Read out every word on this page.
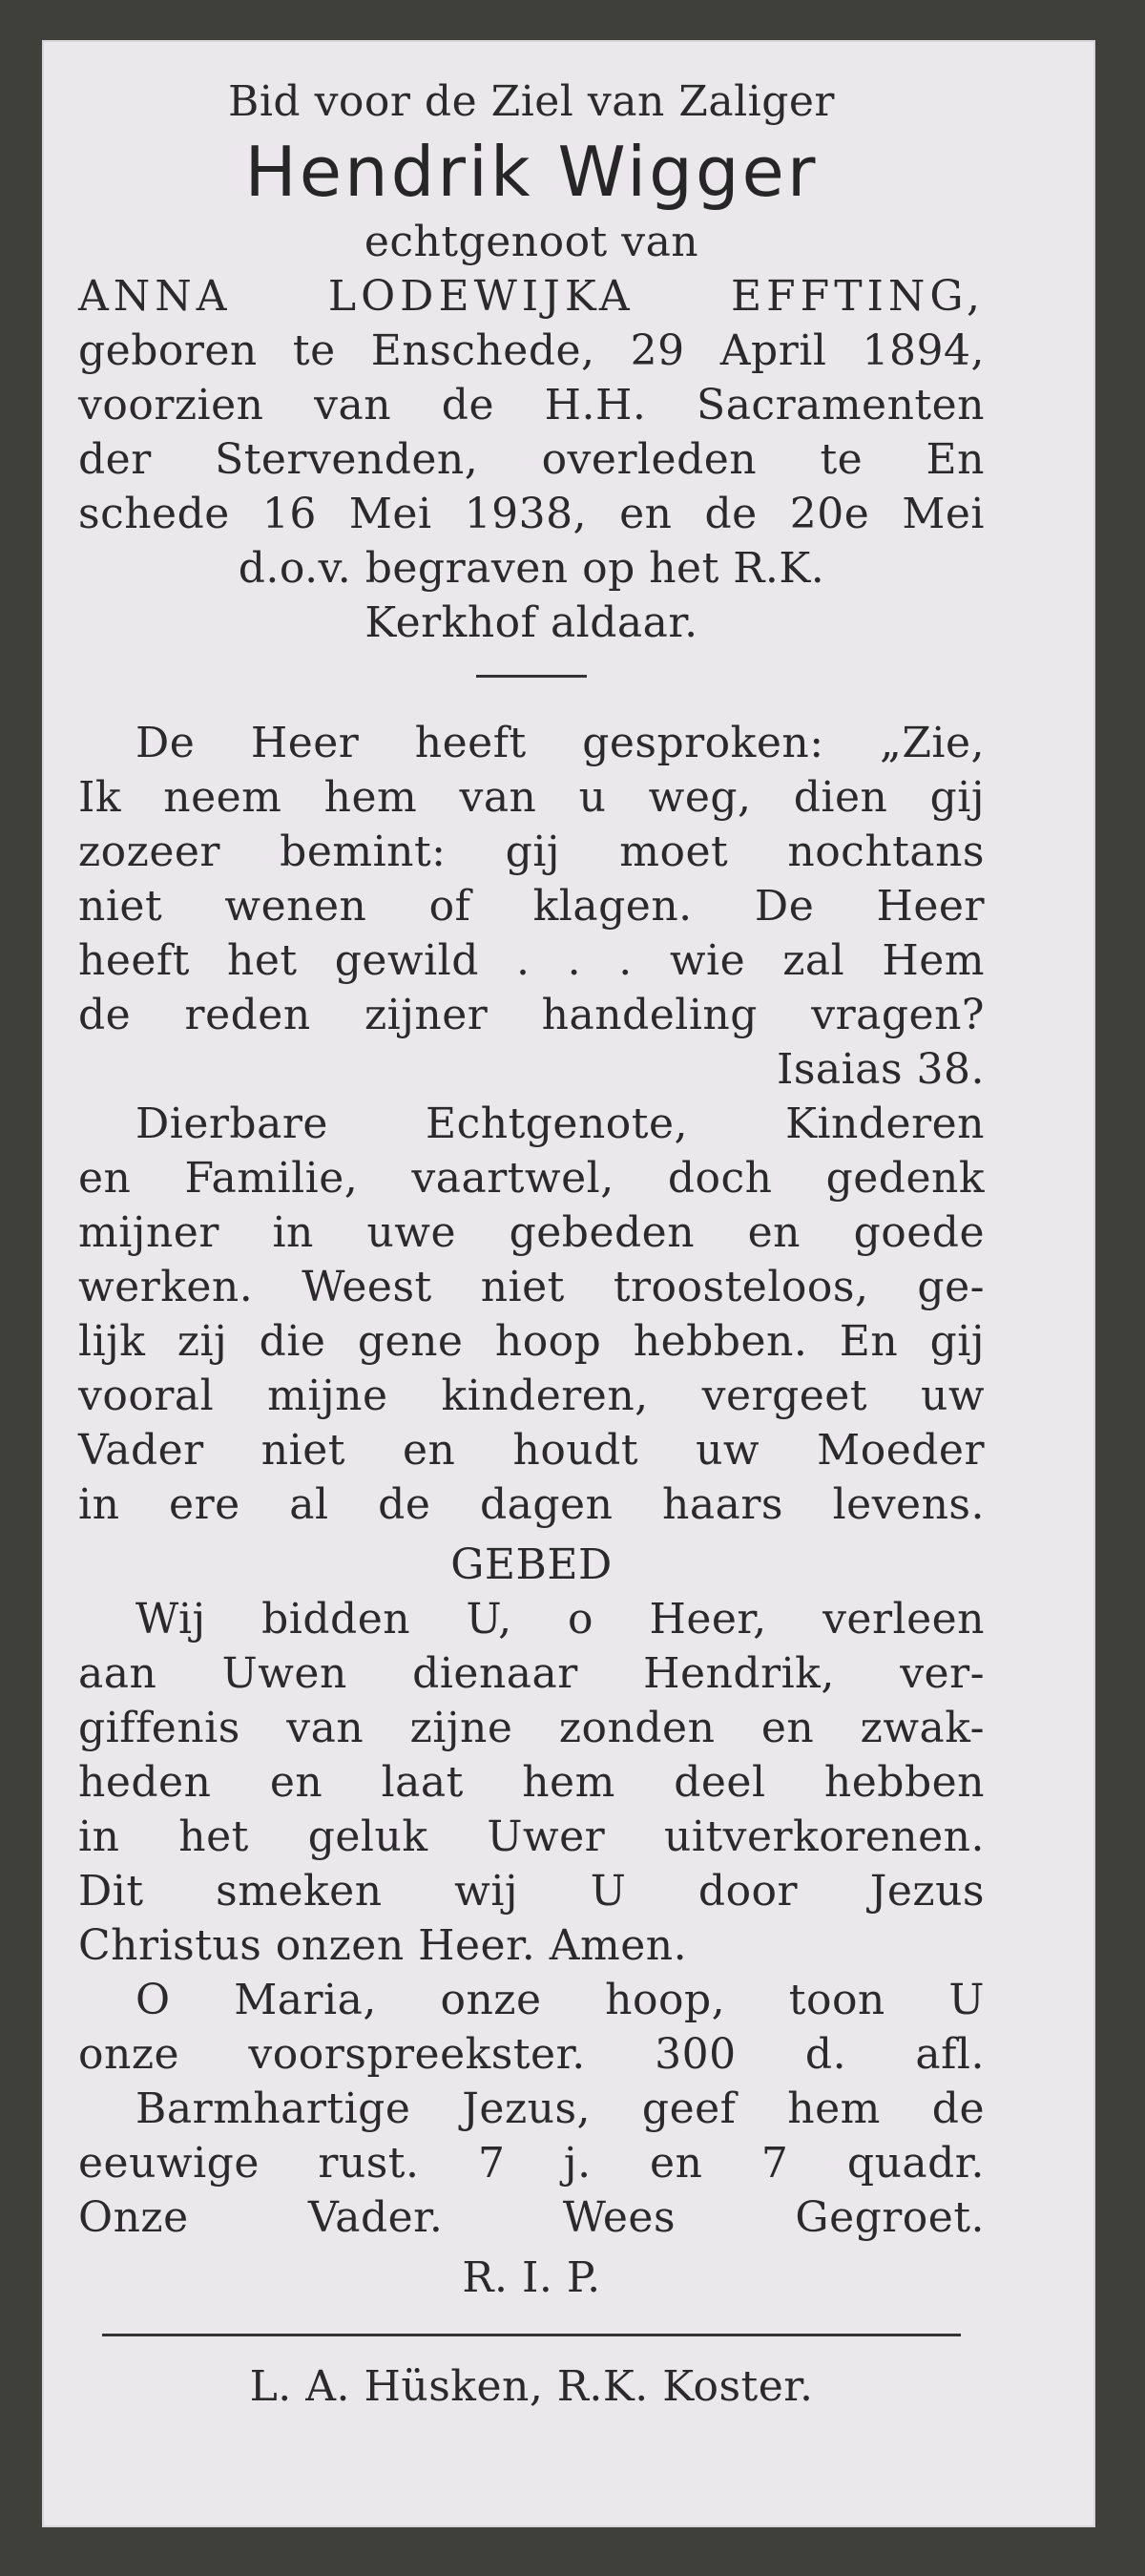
Bid voor de Ziel van Zaliger
Hendrik Wigger
echtgenoot van
ANNA LODEWIJKA EFFTING,
geboren te Enschede, 29 April 1894,
voorzien van de H.H. Sacramenten
der Stervenden, overleden te En
schede 16 Mei 1938, en de 20e Mei
d.o.v. begraven op het R.K.
Kerkhof aldaar.
De Heer heeft gesproken: „Zie,
Ik neem hem van u weg, dien gij
zozeer bemint: gij moet nochtans
niet wenen of klagen. De Heer
heeft het gewild . . . wie zal Hem
de reden zijner handeling vragen?
Isaias 38.
Dierbare Echtgenote, Kinderen
en Familie, vaartwel, doch gedenk
mijner in uwe gebeden en goede
werken. Weest niet troosteloos, ge-
lijk zij die gene hoop hebben. En gij
vooral mijne kinderen, vergeet uw
Vader niet en houdt uw Moeder
in ere al de dagen haars levens.
GEBED
Wij bidden U, o Heer, verleen
aan Uwen dienaar Hendrik, ver-
giffenis van zijne zonden en zwak-
heden en laat hem deel hebben
in het geluk Uwer uitverkorenen.
Dit smeken wij U door Jezus
Christus onzen Heer. Amen.
O Maria, onze hoop, toon U
onze voorspreekster. 300 d. afl.
Barmhartige Jezus, geef hem de
eeuwige rust. 7 j. en 7 quadr.
Onze Vader. Wees Gegroet.
R. I. P.
L. A. Hüsken, R.K. Koster.
